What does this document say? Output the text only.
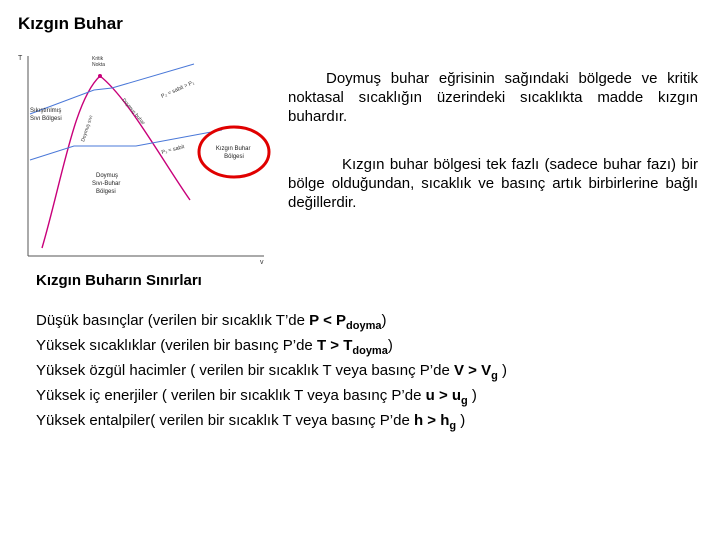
Kızgın Buhar
T
v
Kritik Nokta
Sıkıştırılmış Sıvı Bölgesi
Doymuş Sıvı-Buhar Bölgesi
P₂ = sabit > P₁
P₁ = sabit
Doymuş sıvı
Doymuş buhar
Kızgın Buhar Bölgesi
Doymuş buhar eğrisinin sağındaki bölgede ve kritik noktasal sıcaklığın üzerindeki sıcaklıkta madde kızgın buhardır.
Kızgın buhar bölgesi tek fazlı (sadece buhar fazı) bir bölge olduğundan, sıcaklık ve basınç artık birbirlerine bağlı değillerdir.
Kızgın Buharın Sınırları
Düşük basınçlar (verilen bir sıcaklık T’de $P < P_{doyma}$)
Yüksek sıcaklıklar (verilen bir basınç P’de $T > T_{doyma}$)
Yüksek özgül hacimler ( verilen bir sıcaklık T veya basınç P’de $V > V_g$ )
Yüksek iç enerjiler ( verilen bir sıcaklık T veya basınç P’de $u > u_g$ )
Yüksek entalpiler( verilen bir sıcaklık T veya basınç P’de $h > h_g$ )
